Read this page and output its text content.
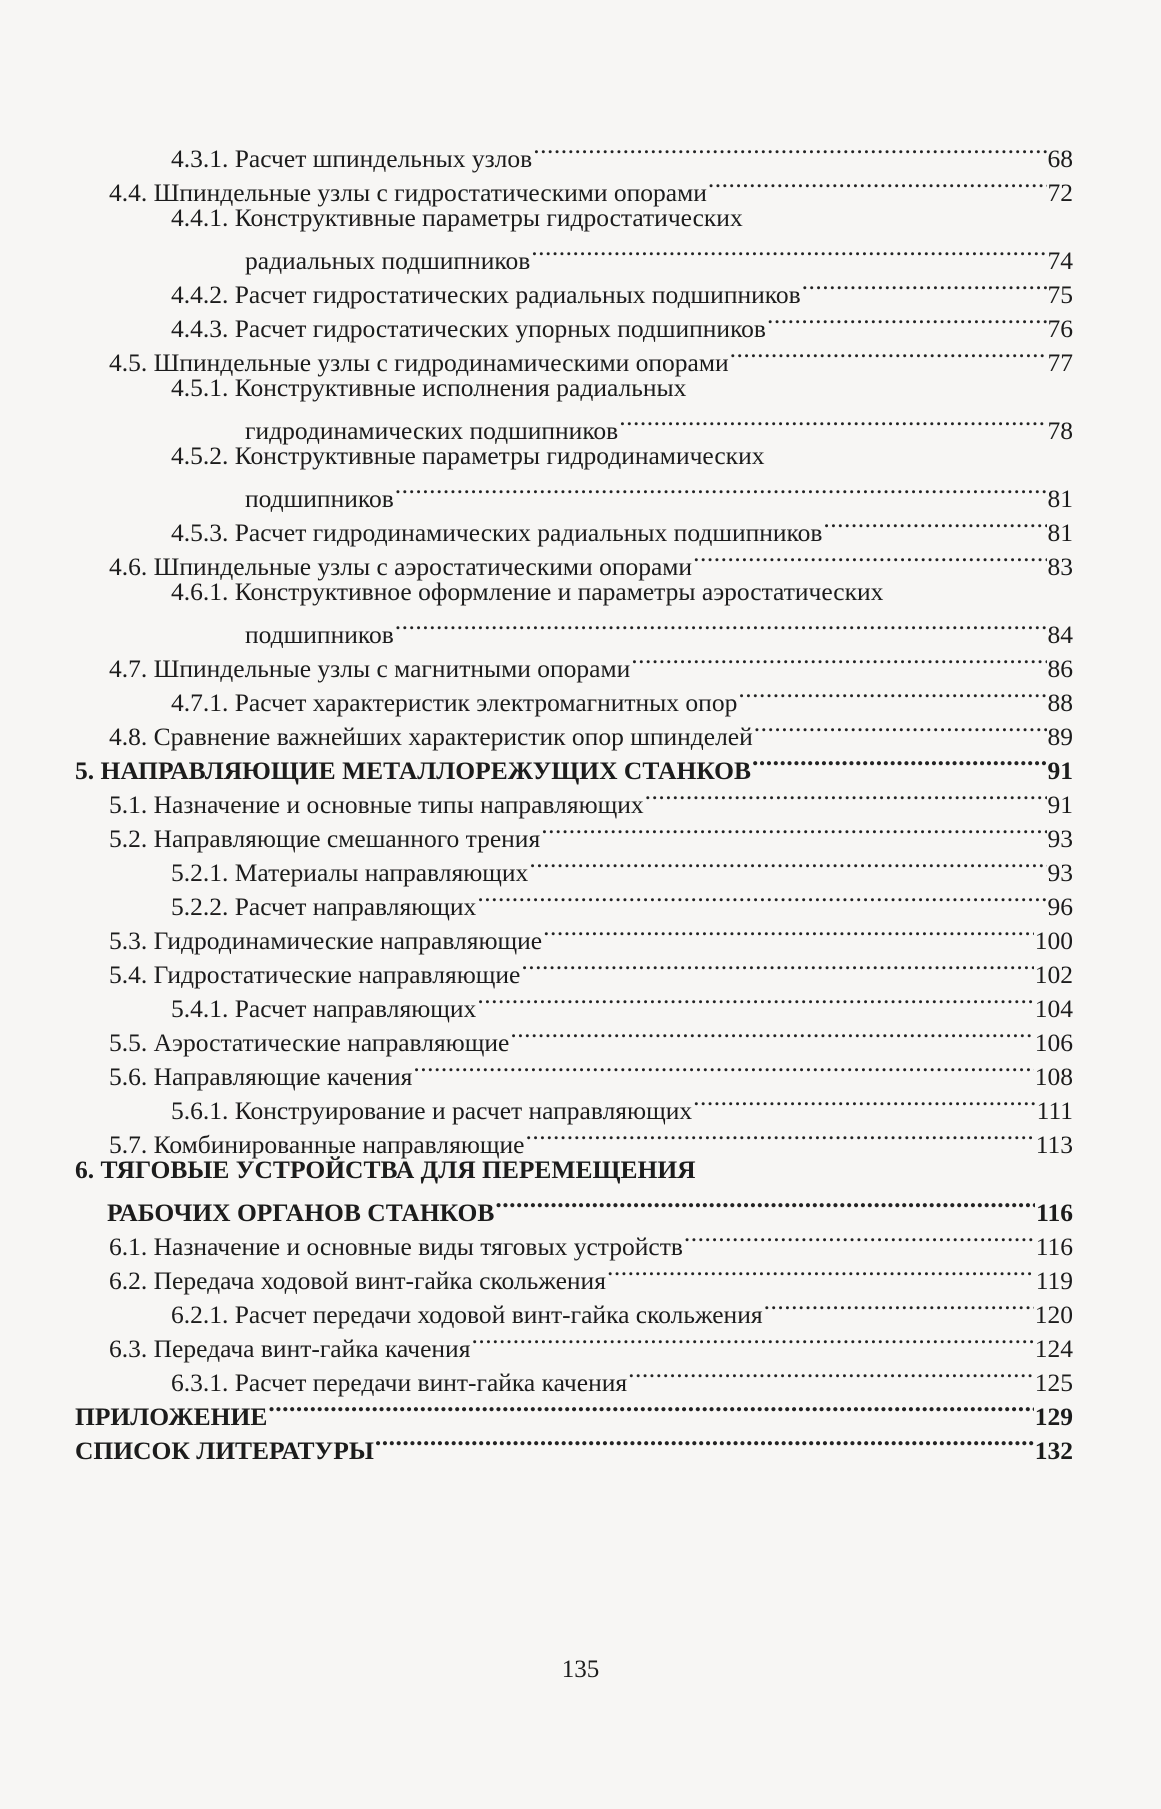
4.3.1. Расчет шпиндельных узлов .....	68
4.4. Шпиндельные узлы с гидростатическими опорами .....	72
4.4.1. Конструктивные параметры гидростатических
радиальных подшипников .....	74
4.4.2. Расчет гидростатических радиальных подшипников .....	75
4.4.3. Расчет гидростатических упорных подшипников .....	76
4.5. Шпиндельные узлы с гидродинамическими опорами .....	77
4.5.1. Конструктивные исполнения радиальных
гидродинамических подшипников .....	78
4.5.2. Конструктивные параметры гидродинамических
подшипников .....	81
4.5.3. Расчет гидродинамических радиальных подшипников .....	81
4.6. Шпиндельные узлы с аэростатическими опорами .....	83
4.6.1. Конструктивное оформление и параметры аэростатических
подшипников .....	84
4.7. Шпиндельные узлы с магнитными опорами .....	86
4.7.1. Расчет характеристик электромагнитных опор .....	88
4.8. Сравнение важнейших характеристик опор шпинделей .....	89
5. НАПРАВЛЯЮЩИЕ МЕТАЛЛОРЕЖУЩИХ СТАНКОВ .....	91
5.1. Назначение и основные типы направляющих .....	91
5.2. Направляющие смешанного трения .....	93
5.2.1. Материалы направляющих .....	93
5.2.2. Расчет направляющих .....	96
5.3. Гидродинамические направляющие .....	100
5.4. Гидростатические направляющие .....	102
5.4.1. Расчет направляющих .....	104
5.5. Аэростатические направляющие .....	106
5.6. Направляющие качения .....	108
5.6.1. Конструирование и расчет направляющих .....	111
5.7. Комбинированные направляющие .....	113
6. ТЯГОВЫЕ УСТРОЙСТВА ДЛЯ ПЕРЕМЕЩЕНИЯ
РАБОЧИХ ОРГАНОВ СТАНКОВ .....	116
6.1. Назначение и основные виды тяговых устройств .....	116
6.2. Передача ходовой винт-гайка скольжения .....	119
6.2.1. Расчет передачи ходовой винт-гайка скольжения .....	120
6.3. Передача винт-гайка качения .....	124
6.3.1. Расчет передачи винт-гайка качения .....	125
ПРИЛОЖЕНИЕ .....	129
СПИСОК ЛИТЕРАТУРЫ .....	132
135
